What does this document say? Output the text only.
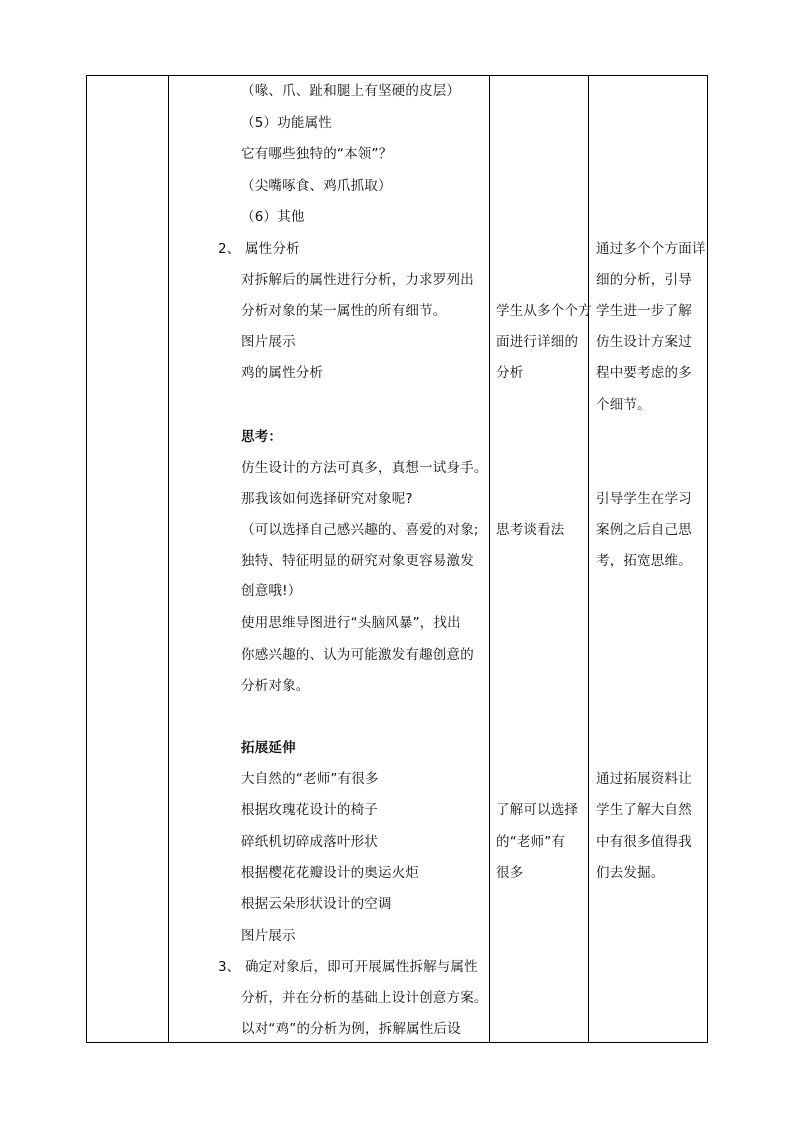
（喙、爪、趾和腿上有坚硬的皮层）
（5）功能属性
它有哪些独特的“本领”？
（尖嘴啄食、鸡爪抓取）
（6）其他
2、 属性分析
对拆解后的属性进行分析，力求罗列出
分析对象的某一属性的所有细节。
图片展示
鸡的属性分析
思考：
仿生设计的方法可真多，真想一试身手。
那我该如何选择研究对象呢?
（可以选择自己感兴趣的、喜爱的对象;
独特、特征明显的研究对象更容易激发
创意哦!）
使用思维导图进行“头脑风暴”，找出
你感兴趣的、认为可能激发有趣创意的
分析对象。
拓展延伸
大自然的“老师”有很多
根据玫瑰花设计的椅子
碎纸机切碎成落叶形状
根据樱花花瓣设计的奥运火炬
根据云朵形状设计的空调
图片展示
3、 确定对象后，即可开展属性拆解与属性
分析，并在分析的基础上设计创意方案。
以对“鸡”的分析为例，拆解属性后设
学生从多个个方
面进行详细的
分析
思考谈看法
了解可以选择
的“老师”有
很多
通过多个个方面详
细的分析，引导
学生进一步了解
仿生设计方案过
程中要考虑的多
个细节。
引导学生在学习
案例之后自己思
考，拓宽思维。
通过拓展资料让
学生了解大自然
中有很多值得我
们去发掘。
